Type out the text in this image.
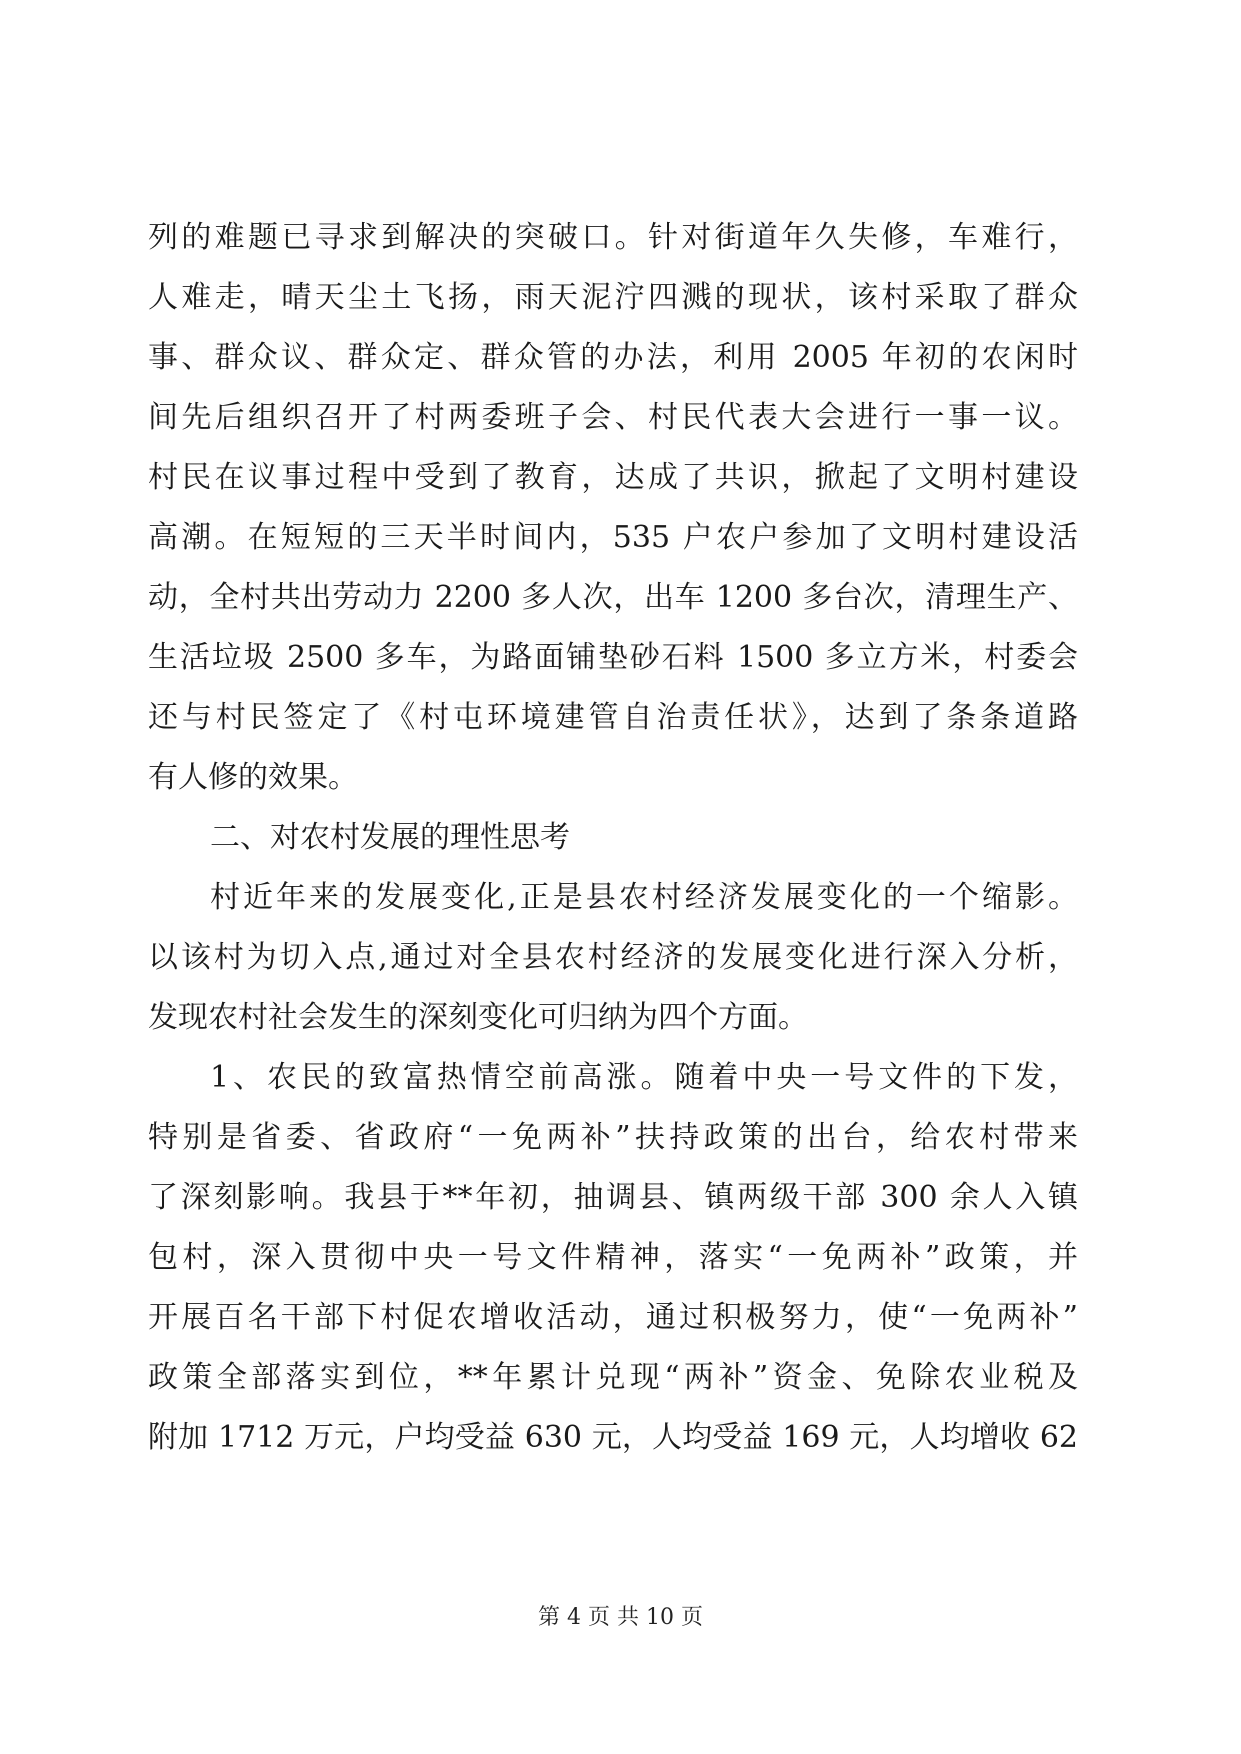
列的难题已寻求到解决的突破口。针对街道年久失修，车难行，
人难走，晴天尘土飞扬，雨天泥泞四溅的现状，该村采取了群众
事、群众议、群众定、群众管的办法，利用 2005 年初的农闲时
间先后组织召开了村两委班子会、村民代表大会进行一事一议。
村民在议事过程中受到了教育，达成了共识，掀起了文明村建设
高潮。在短短的三天半时间内，535 户农户参加了文明村建设活
动，全村共出劳动力 2200 多人次，出车 1200 多台次，清理生产、
生活垃圾 2500 多车，为路面铺垫砂石料 1500 多立方米，村委会
还与村民签定了《村屯环境建管自治责任状》，达到了条条道路
有人修的效果。
二、对农村发展的理性思考
村近年来的发展变化,正是县农村经济发展变化的一个缩影。
以该村为切入点,通过对全县农村经济的发展变化进行深入分析，
发现农村社会发生的深刻变化可归纳为四个方面。
1、农民的致富热情空前高涨。随着中央一号文件的下发，
特别是省委、省政府“一免两补”扶持政策的出台，给农村带来
了深刻影响。我县于**年初，抽调县、镇两级干部 300 余人入镇
包村，深入贯彻中央一号文件精神，落实“一免两补”政策，并
开展百名干部下村促农增收活动，通过积极努力，使“一免两补”
政策全部落实到位，**年累计兑现“两补”资金、免除农业税及
附加 1712 万元，户均受益 630 元，人均受益 169 元，人均增收 62
第 4 页 共 10 页
